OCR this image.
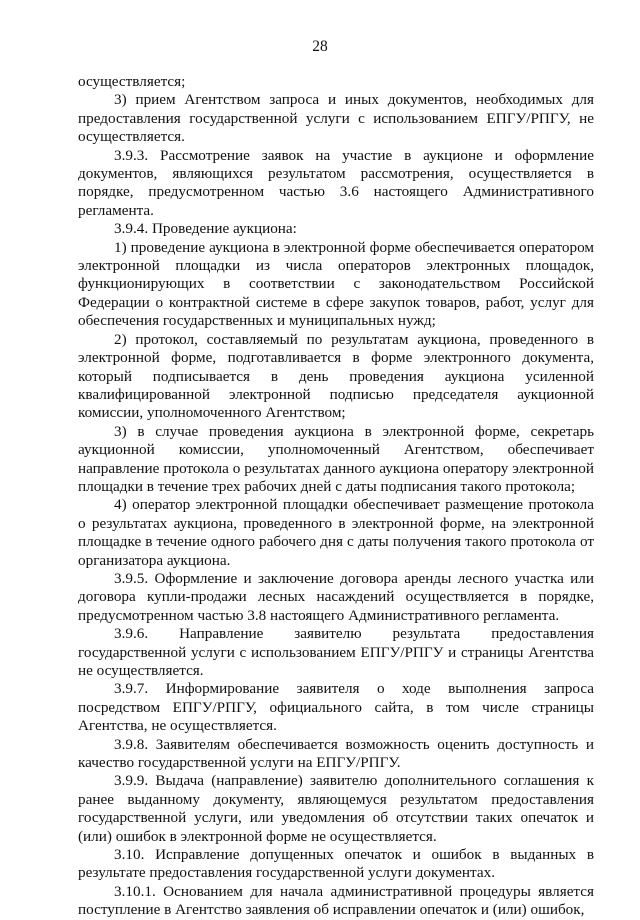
28

осуществляется;

3) прием Агентством запроса и иных документов, необходимых для предоставления государственной услуги с использованием ЕПГУ/РПГУ, не осуществляется.

3.9.3. Рассмотрение заявок на участие в аукционе и оформление документов, являющихся результатом рассмотрения, осуществляется в порядке, предусмотренном частью 3.6 настоящего Административного регламента.

3.9.4. Проведение аукциона:

1) проведение аукциона в электронной форме обеспечивается оператором электронной площадки из числа операторов электронных площадок, функционирующих в соответствии с законодательством Российской Федерации о контрактной системе в сфере закупок товаров, работ, услуг для обеспечения государственных и муниципальных нужд;

2) протокол, составляемый по результатам аукциона, проведенного в электронной форме, подготавливается в форме электронного документа, который подписывается в день проведения аукциона усиленной квалифицированной электронной подписью председателя аукционной комиссии, уполномоченного Агентством;

3) в случае проведения аукциона в электронной форме, секретарь аукционной комиссии, уполномоченный Агентством, обеспечивает направление протокола о результатах данного аукциона оператору электронной площадки в течение трех рабочих дней с даты подписания такого протокола;

4) оператор электронной площадки обеспечивает размещение протокола о результатах аукциона, проведенного в электронной форме, на электронной площадке в течение одного рабочего дня с даты получения такого протокола от организатора аукциона.

3.9.5. Оформление и заключение договора аренды лесного участка или договора купли-продажи лесных насаждений осуществляется в порядке, предусмотренном частью 3.8 настоящего Административного регламента.

3.9.6. Направление заявителю результата предоставления государственной услуги с использованием ЕПГУ/РПГУ и страницы Агентства не осуществляется.

3.9.7. Информирование заявителя о ходе выполнения запроса посредством ЕПГУ/РПГУ, официального сайта, в том числе страницы Агентства, не осуществляется.

3.9.8. Заявителям обеспечивается возможность оценить доступность и качество государственной услуги на ЕПГУ/РПГУ.

3.9.9. Выдача (направление) заявителю дополнительного соглашения к ранее выданному документу, являющемуся результатом предоставления государственной услуги, или уведомления об отсутствии таких опечаток и (или) ошибок в электронной форме не осуществляется.

3.10. Исправление допущенных опечаток и ошибок в выданных в результате предоставления государственной услуги документах.

3.10.1. Основанием для начала административной процедуры является поступление в Агентство заявления об исправлении опечаток и (или) ошибок,
